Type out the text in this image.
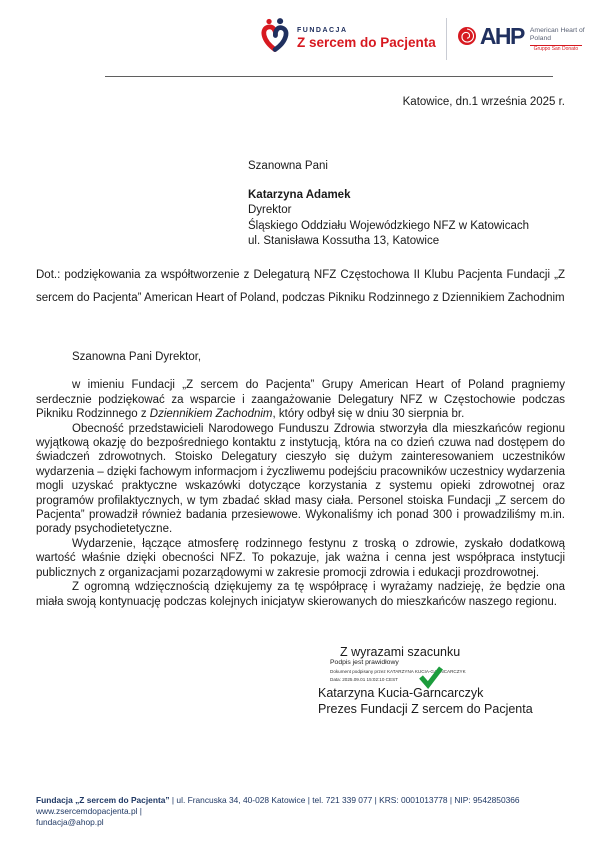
FUNDACJA
Z sercem do Pacjenta AHP American Heart of Poland
Gruppo San Donato
Katowice, dn.1 września 2025 r.
Szanowna Pani
Katarzyna Adamek
Dyrektor
Śląskiego Oddziału Wojewódzkiego NFZ w Katowicach
ul. Stanisława Kossutha 13, Katowice
Dot.: podziękowania za współtworzenie z Delegaturą NFZ Częstochowa II Klubu Pacjenta Fundacji „Z sercem do Pacjenta” American Heart of Poland, podczas Pikniku Rodzinnego z Dziennikiem Zachodnim
Szanowna Pani Dyrektor,

w imieniu Fundacji „Z sercem do Pacjenta” Grupy American Heart of Poland pragniemy serdecznie podziękować za wsparcie i zaangażowanie Delegatury NFZ w Częstochowie podczas Pikniku Rodzinnego z Dziennikiem Zachodnim, który odbył się w dniu 30 sierpnia br.

Obecność przedstawicieli Narodowego Funduszu Zdrowia stworzyła dla mieszkańców regionu wyjątkową okazję do bezpośredniego kontaktu z instytucją, która na co dzień czuwa nad dostępem do świadczeń zdrowotnych. Stoisko Delegatury cieszyło się dużym zainteresowaniem uczestników wydarzenia – dzięki fachowym informacjom i życzliwemu podejściu pracowników uczestnicy wydarzenia mogli uzyskać praktyczne wskazówki dotyczące korzystania z systemu opieki zdrowotnej oraz programów profilaktycznych, w tym zbadać skład masy ciała. Personel stoiska Fundacji „Z sercem do Pacjenta” prowadził również badania przesiewowe. Wykonaliśmy ich ponad 300 i prowadziliśmy m.in. porady psychodietetyczne.

Wydarzenie, łączące atmosferę rodzinnego festynu z troską o zdrowie, zyskało dodatkową wartość właśnie dzięki obecności NFZ. To pokazuje, jak ważna i cenna jest współpraca instytucji publicznych z organizacjami pozarządowymi w zakresie promocji zdrowia i edukacji prozdrowotnej.

Z ogromną wdzięcznością dziękujemy za tę współpracę i wyrażamy nadzieję, że będzie ona miała swoją kontynuację podczas kolejnych inicjatyw skierowanych do mieszkańców naszego regionu.

Z wyrazami szacunku
Podpis jest prawidłowy
Dokument podpisany przez KATARZYNA KUCIA-GARNCARCZYK
Data: 2025.09.01 15:02:10 CEST
Katarzyna Kucia-Garncarczyk
Prezes Fundacji Z sercem do Pacjenta
Fundacja „Z sercem do Pacjenta” | ul. Francuska 34, 40-028 Katowice | tel. 721 339 077 | KRS: 0001013778 | NIP: 9542850366 www.zsercemdopacjenta.pl |
fundacja@ahop.pl
